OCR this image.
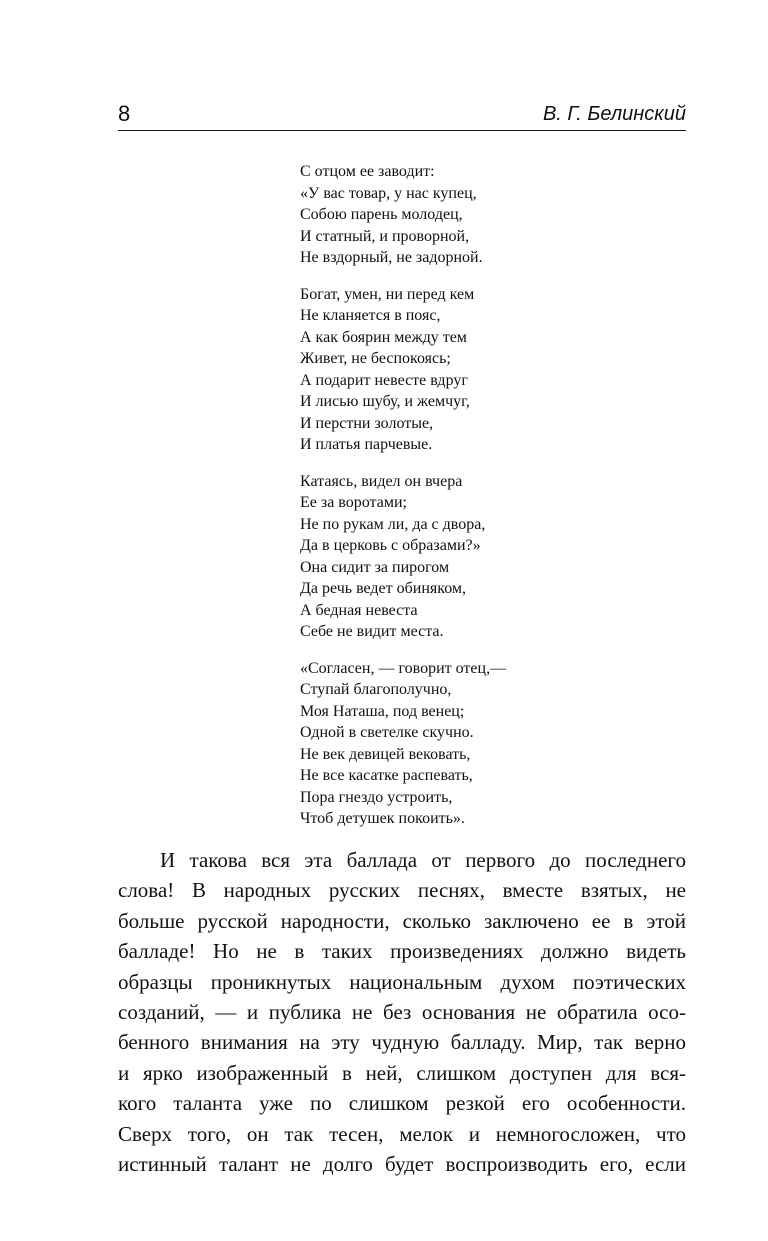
8	В. Г. Белинский
С отцом ее заводит:
«У вас товар, у нас купец,
Собою парень молодец,
И статный, и проворной,
Не вздорный, не задорной.
Богат, умен, ни перед кем
Не кланяется в пояс,
А как боярин между тем
Живет, не беспокоясь;
А подарит невесте вдруг
И лисью шубу, и жемчуг,
И перстни золотые,
И платья парчевые.
Катаясь, видел он вчера
Ее за воротами;
Не по рукам ли, да с двора,
Да в церковь с образами?»
Она сидит за пирогом
Да речь ведет обиняком,
А бедная невеста
Себе не видит места.
«Согласен, — говорит отец,—
Ступай благополучно,
Моя Наташа, под венец;
Одной в светелке скучно.
Не век девицей вековать,
Не все касатке распевать,
Пора гнездо устроить,
Чтоб детушек покоить».
И такова вся эта баллада от первого до последнего
слова! В народных русских песнях, вместе взятых, не
больше русской народности, сколько заключено ее в этой
балладе! Но не в таких произведениях должно видеть
образцы проникнутых национальным духом поэтических
созданий, — и публика не без основания не обратила осо-
бенного внимания на эту чудную балладу. Мир, так верно
и ярко изображенный в ней, слишком доступен для вся-
кого таланта уже по слишком резкой его особенности.
Сверх того, он так тесен, мелок и немногосложен, что
истинный талант не долго будет воспроизводить его, если
